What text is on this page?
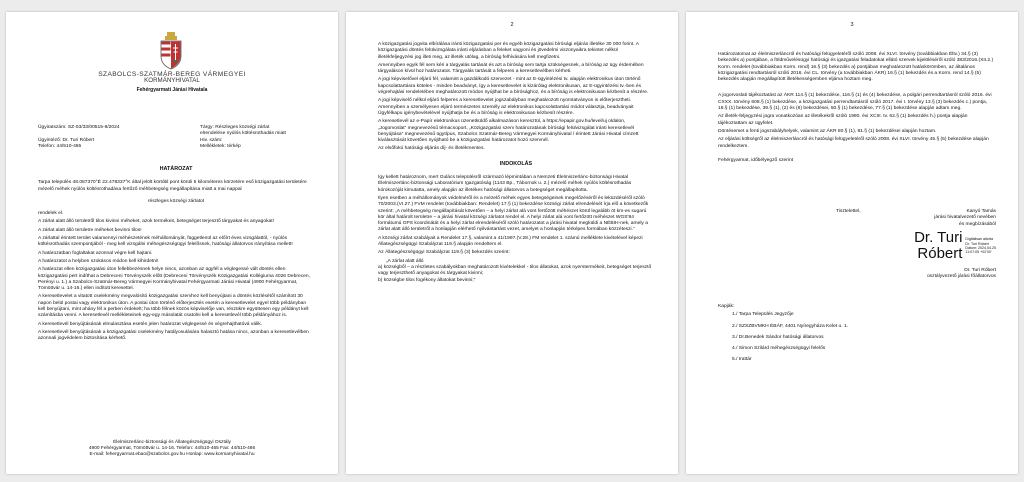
SZABOLCS-SZATMÁR-BEREG VÁRMEGYEI
KORMÁNYHIVATAL
Fehérgyarmati Járási Hivatala
Ügyiratszám: SZ-03/33/00515-8/2024	Tárgy: Részleges községi zárlat
elrendelése nyúlós költésrothadás miatt
Ügyintéző: Dr. Turi Róbert	Hiv. szám:
Telefon: 44/510-465	Mellékletek: térkép

HATÁROZAT

Tarpa település 48.087370°É 22.478337°K által jelölt körtóbl pont körüli 5 kilométeres körzetére eső közigazgatási területére mézelő méhek nyúlós költésrothadása fertőző méhbetegség megállapítása miatt a mai nappal

részleges községi zárlatot

rendelek el.

A zárlat alatt álló területről tilos kivinni méheket, azok termékeit, betegséget terjesztő tárgyakat és anyagokat!

A zárlat alatt álló területre méheket bevinni tilos!

A zárlattal érintett terület valamennyi méhészetének méhállományát, függetlenül az előírt éves vizsgálattól, - nyúlós költésrothadás szempontjából - meg kell vizsgálni méhegészségügyi felelősnek, hatósági állatorvos irányítása mellett!

A határozatban foglaltakat azonnal végre kell hajtani.

A határozatot a helyben szokásos módon kell kihirdetni!

A határozat ellen közigazgatási úton fellebbezésnek helye nincs, azonban az ügyfél a véglegessé vált döntés ellen közigazgatási pert indíthat a Debreceni Törvényszék előtt (Debreceni Törvényszék Közigazgatási Kollégiuma 4026 Debrecen, Perényi u. 1.) a Szabolcs-Szatmár-Bereg Vármegyei Kormányhivatal Fehérgyarmati Járási Hivatal (4900 Fehérgyarmat, Tömöttvár u. 14-16.) ellen indított keresettel.

A keresetlevelet a vitatott cselekmény megvalósító közigazgatási szervhez kell benyújtani a döntés közlésétől számított 30 napon belül postai vagy elektronikus úton. A postai úton történő előterjesztés esetén a keresetlevelet egyel több példányban kell benyújtani, mint ahány fél a perben érdekelt; ha több félnek közös képviselője van, részükre együttesen egy példányt kell számításba venni. A keresetlevél mellékleteinek egy-egy másolatát csatolni kell a keresetlevél több példányához is.

A keresetlevél benyújtásának elmulasztása esetén jelen határozat véglegessé és végrehajthatóvá válik.

A keresetlevél benyújtásának a közigazgatási cselekmény hatályosulására halasztó hatása nincs, azonban a keresetlevélben azonnali jogvédelem biztosítása kérhető.

Élelmiszerlánc-biztonsági és Állategészségügyi Osztály
4900 Fehérgyarmat, Tömöttvár u. 14-16. Telefon: 44/510-465 Fax: 44/510-466
E-mail: fehergyarmat.ebao@szabolcs.gov.hu Honlap: www.kormanyhivatal.hu
2

A közigazgatási jogvita elbírálása iránti közigazgatási per és egyéb közigazgatási bírósági eljárás illetéke 30 000 forint. A közigazgatási döntés felülvizsgálata iránti eljárásban a feleket vagyoni és jövedelmi viszonyaikra tekintet nélkül illetékfeljegyzési jog illeti meg, az illeték utólag, a bíróság felhívására kell megfizetni.

Amennyiben egyik fél sem kéri a tárgyalás tartását és azt a bíróság sem tartja szükségesnek, a bíróság az ügy érdemében tárgyaláson kívül hoz határozatot. Tárgyalás tartását a felperes a keresetlevélben kérheti.

A jogi képviselővel eljáró fél, valamint a gazdálkodó szervezet - mint az E-ügyintézési tv. alapján elektronikus úton történő kapcsolattartásra köteles - minden beadványt, így a keresetlevelet is kizárólag elektronikusan, az E-ügyintézési tv.-ben és végrehajtási rendeletében meghatározott módon nyújthat be a bírósághoz, és a bíróság is elektronikusan kézbesít a részére.

A jogi képviselő nélkül eljáró felperes a keresetlevelet jogszabályban meghatározott nyomtatványon is előterjesztheti. Amennyiben a személyesen eljáró természetes személy az elektronikus kapcsolattartási módot választja, beadványait Ügyfélkapu igénybevételével nyújthatja be és a bíróság is elektronikusan kézbesít részére.

A keresetlevél az e-Papír elektronikus üzenetküldő alkalmazáson keresztül, a https://epapir.gov.hu/level/uj oldalon, „Jogorvoslat” megnevezésű témacsoport, „Közigazgatási szerv határozatának bírósági felülvizsgálat iránti keresetlevél benyújtása” megnevezésű ügytípus, Szabolcs Szatmár-Bereg Vármegyei Kormányhivatal / érintett Járási Hivatal címzett kiválasztását követően nyújtható be a közigazgatási határozatot hozó szervnél.

Az elsőfokú hatósági eljárás díj- és illetékmentes.

INDOKOLÁS

Így kellett határoznom, mert Gulács településről származó lépmintában a Nemzeti Élelmiszerlánc-biztonsági Hivatal Élelmiszerlánc-biztonsági Laboratórium Igazgatóság (1143 Bp., Tábornok u. 2.) mézelő méhek nyúlós költésrothadás kórokozóját kimutatta, amely alapján az illetékes hatósági állatorvos a betegséget megállapította.

Ilyen esetben a méhállományok védelméről és a mézelő méhek egyes betegségeinek megelőzéséről és leküzdéséről szóló 70/2003.(VI.27.) FVM rendelet (továbbiakban: Rendelet) 17.§ (1) bekezdése községi zárlat elrendelését írja elő a következők szerint: „A méhbetegség megállapítását követően – a helyi zárlat alá vont fertőzött méhészet körül legalább öt km-es sugarú kör által határolt területre – a járási hivatal községi zárlatot rendel el. A helyi zárlat alá vont fertőzött méhészet WGS'84 formátumú GPS koordinátát és a helyi zárlat elrendeléséről szóló határozatot a járási hivatal megküldi a NÉBIH-nek, amely a zárlat alatt álló területről a honlapján elérhető nyilvántartást vezet, amelyet a honlapján térképes formában közzéteszi.”

A községi zárlat szabályait a Rendelet 17.§, valamint a 41/1997.(V.28.) FM rendelet 1. számú melléklete kivételével képezi Állategészségügyi Szabályzat 119.§ alapján rendeltem el.

Az Állategészségügyi Szabályzat 119.§ (3) bekezdés szerint:

„A zárlat alatt álló

a) községből – a részletes szabályokban meghatározott kivételekkel - tilos állatokat, azok nyerstermékeit, betegséget terjesztő vagy terjeszthető anyagokat és tárgyakat kivinni;

b) községbe tilos fogékony állatokat bevinni;”

3

Határozatomat az élelmiszerláncról és hatósági felügyeletéről szóló 2008. évi XLVI. törvény (továbbiakban Éltv.) 34.§ (3) bekezdés a) pontjában, a földművelésügyi hatósági és igazgatási feladatokat ellátó szervek kijelöléséről szóló 383/2016.(XII.2.) Korm. rendelet (továbbiakban Korm. rend) 16.§ (3) bekezdés a) pontjában meghatározott hatáskörömben, az általános közigazgatási rendtartásról szóló 2016. évi CL. törvény (a továbbiakban ÁKR) 16.§ (1) bekezdés és a Korm. rend 14.§ (5) bekezdés alapján megállapított illetékességemben eljárva hoztam meg.

A jogorvoslati tájékoztatást az ÁKR 114.§ (1) bekezdése, 116.§ (1) és (4) bekezdése, a polgári perrendtartásról szóló 2016. évi CXXX. törvény 608.§ (1) bekezdése, a közigazgatási perrendtartásról szóló 2017. évi I. törvény 13.§ (3) bekezdés c.) pontja, 18.§ (1) bekezdése, 39.§ (1), (2) és (6) bekezdései, 50.§ (1) bekezdése, 77.§ (1) bekezdése alapján adtam meg.

Az illeték-feljegyzési jogra vonatkozóan az illetékekről szóló 1990. évi XCIII. tv. 62.§ (1) bekezdés h.) pontja alapján tájékoztattam az ügyfelet.

Döntésemet a fenti jogszabályhelyek, valamint az ÁKR 80.§ (1), 81.§ (1) bekezdései alapján hoztam.

Az eljárási költségről az élelmiszerláncról és hatósági felügyeletéről szóló 2008. évi XLVI. törvény 45.§ (5) bekezdése alapján rendelkeztem.

Fehérgyarmat, időbélyegző szerint

Tisztelettel,	Kanyó Tamás
járási hivatalvezető nevében
és megbízásából
Dr. Turi
Róbert
Digitálisan aláírta
Dr. Turi Róbert
Dátum: 2024.04.25
11:07:05 +02'00'
Dr. Turi Róbert
osztályvezető járási főállatorvos
Kapják:
1./ Tarpa Település Jegyzője
2./ SZSZBVMKH ÉBÁF, 4401 Nyíregyháza Kelet u. 1.
3./ Dr.Benedek Sándor hatósági állatorvos
4./ Simon Szilárd méhegészségügyi felelős
5./ Irattár
